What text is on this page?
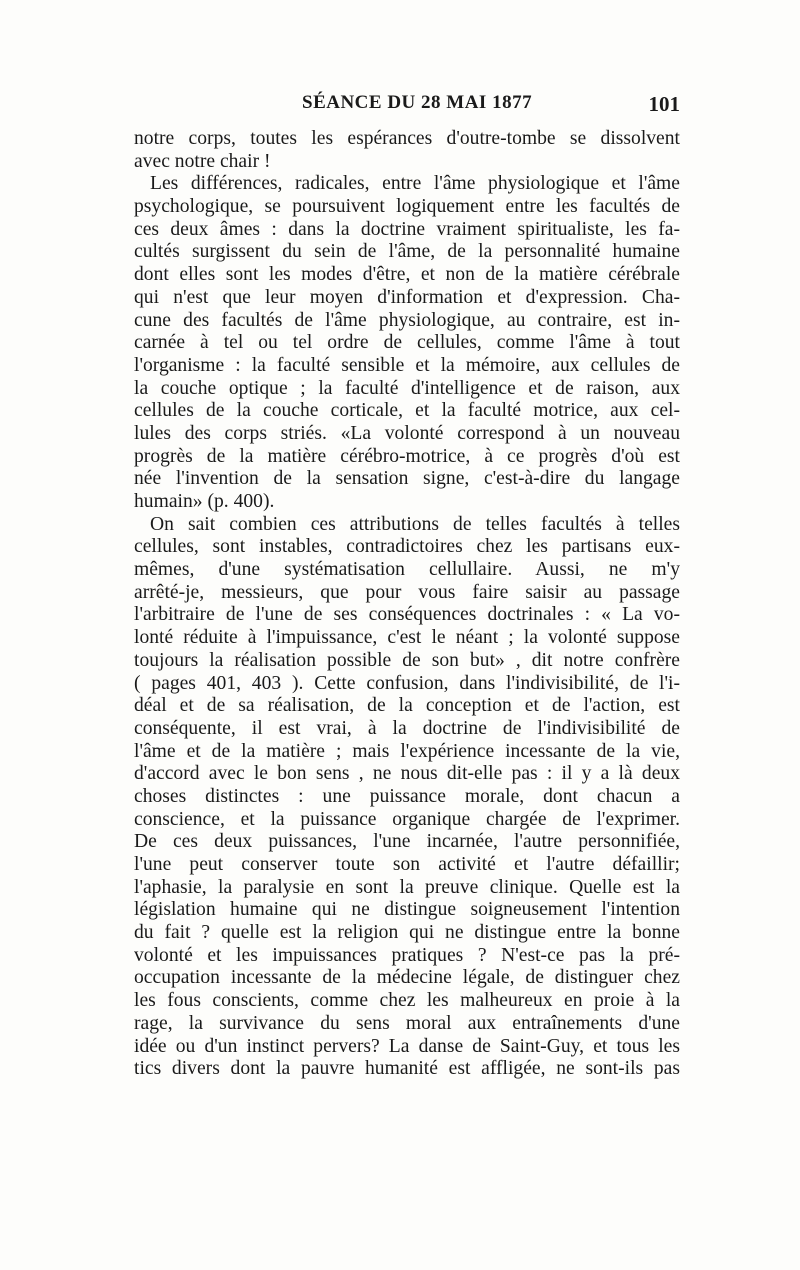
SÉANCE DU 28 MAI 1877	101
notre corps, toutes les espérances d'outre-tombe se dissolvent
avec notre chair !
Les différences, radicales, entre l'âme physiologique et l'âme
psychologique, se poursuivent logiquement entre les facultés de
ces deux âmes : dans la doctrine vraiment spiritualiste, les fa-
cultés surgissent du sein de l'âme, de la personnalité humaine
dont elles sont les modes d'être, et non de la matière cérébrale
qui n'est que leur moyen d'information et d'expression. Cha-
cune des facultés de l'âme physiologique, au contraire, est in-
carnée à tel ou tel ordre de cellules, comme l'âme à tout
l'organisme : la faculté sensible et la mémoire, aux cellules de
la couche optique ; la faculté d'intelligence et de raison, aux
cellules de la couche corticale, et la faculté motrice, aux cel-
lules des corps striés. «La volonté correspond à un nouveau
progrès de la matière cérébro-motrice, à ce progrès d'où est
née l'invention de la sensation signe, c'est-à-dire du langage
humain» (p. 400).
On sait combien ces attributions de telles facultés à telles
cellules, sont instables, contradictoires chez les partisans eux-
mêmes, d'une systématisation cellullaire. Aussi, ne m'y
arrêté-je, messieurs, que pour vous faire saisir au passage
l'arbitraire de l'une de ses conséquences doctrinales : « La vo-
lonté réduite à l'impuissance, c'est le néant ; la volonté suppose
toujours la réalisation possible de son but» , dit notre confrère
( pages 401, 403 ). Cette confusion, dans l'indivisibilité, de l'i-
déal et de sa réalisation, de la conception et de l'action, est
conséquente, il est vrai, à la doctrine de l'indivisibilité de
l'âme et de la matière ; mais l'expérience incessante de la vie,
d'accord avec le bon sens , ne nous dit-elle pas : il y a là deux
choses distinctes : une puissance morale, dont chacun a
conscience, et la puissance organique chargée de l'exprimer.
De ces deux puissances, l'une incarnée, l'autre personnifiée,
l'une peut conserver toute son activité et l'autre défaillir;
l'aphasie, la paralysie en sont la preuve clinique. Quelle est la
législation humaine qui ne distingue soigneusement l'intention
du fait ? quelle est la religion qui ne distingue entre la bonne
volonté et les impuissances pratiques ? N'est-ce pas la pré-
occupation incessante de la médecine légale, de distinguer chez
les fous conscients, comme chez les malheureux en proie à la
rage, la survivance du sens moral aux entraînements d'une
idée ou d'un instinct pervers? La danse de Saint-Guy, et tous les
tics divers dont la pauvre humanité est affligée, ne sont-ils pas
